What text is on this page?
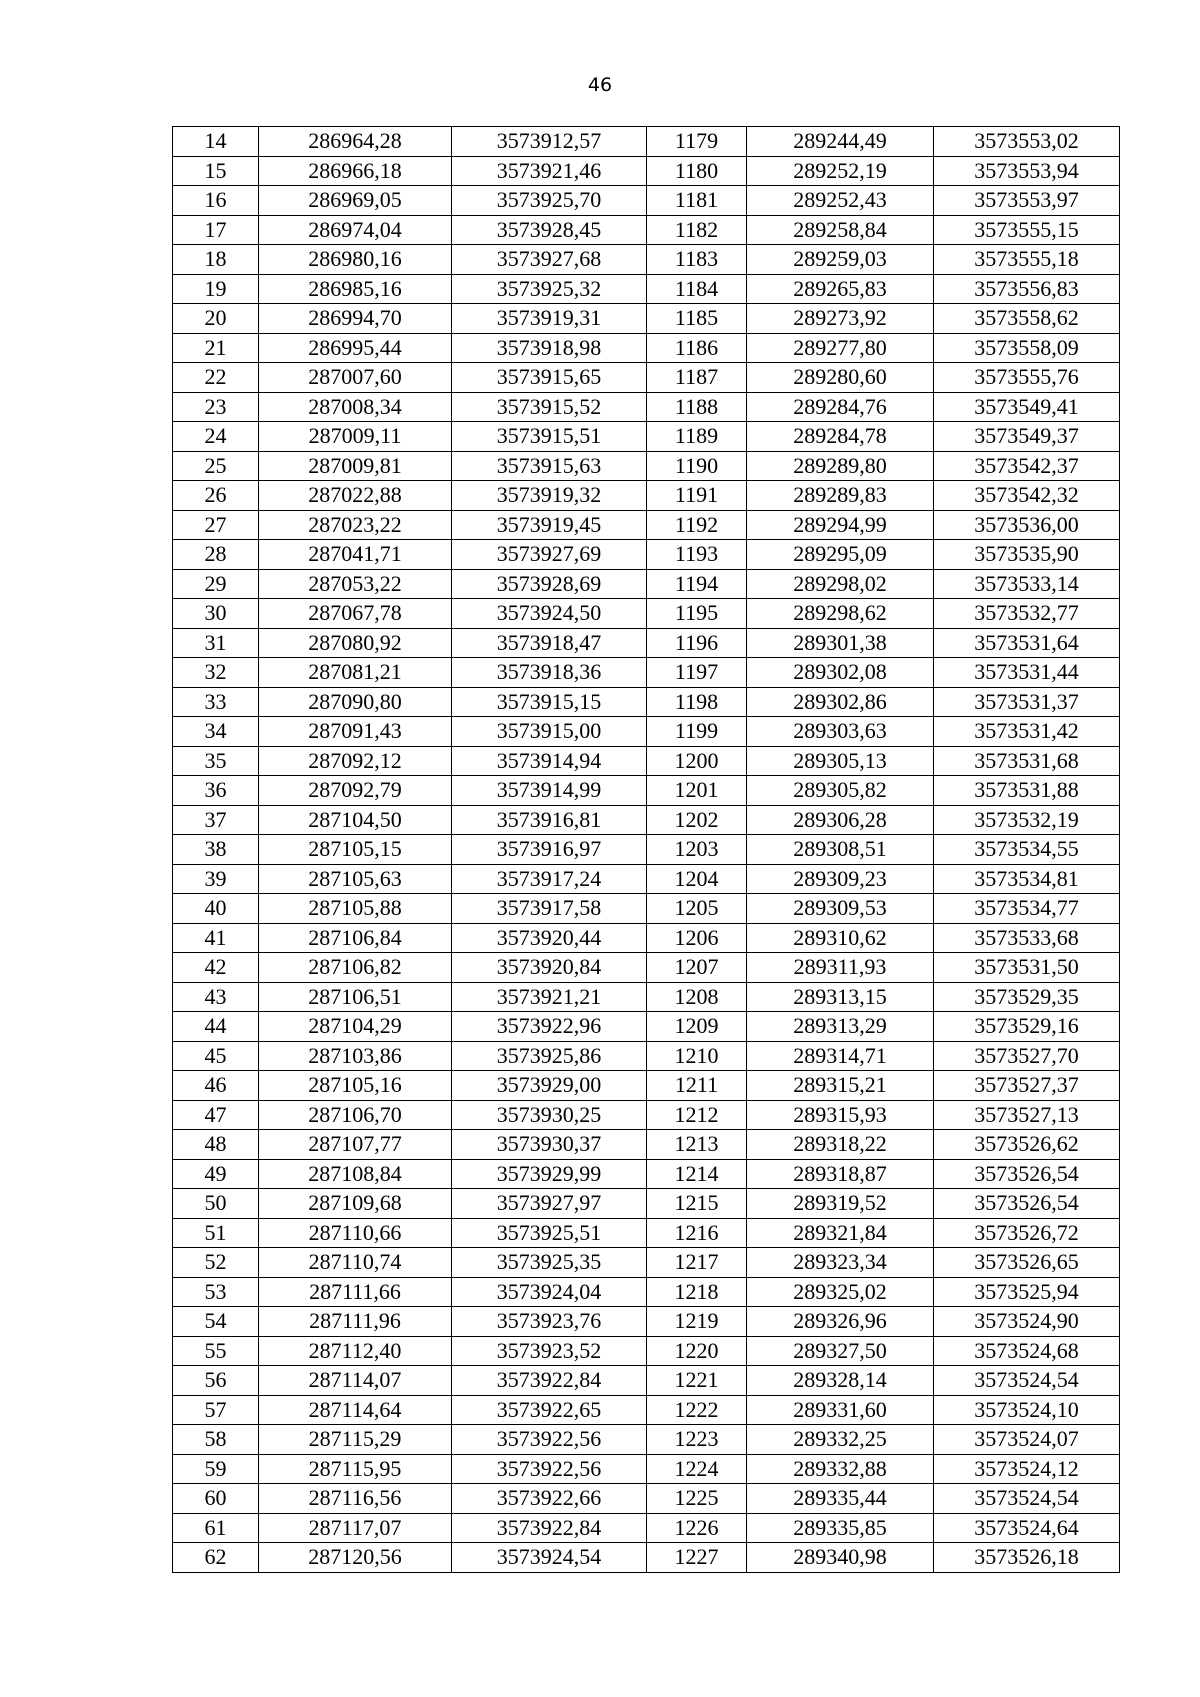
46
14	286964,28	3573912,57	1179	289244,49	3573553,02
15	286966,18	3573921,46	1180	289252,19	3573553,94
16	286969,05	3573925,70	1181	289252,43	3573553,97
17	286974,04	3573928,45	1182	289258,84	3573555,15
18	286980,16	3573927,68	1183	289259,03	3573555,18
19	286985,16	3573925,32	1184	289265,83	3573556,83
20	286994,70	3573919,31	1185	289273,92	3573558,62
21	286995,44	3573918,98	1186	289277,80	3573558,09
22	287007,60	3573915,65	1187	289280,60	3573555,76
23	287008,34	3573915,52	1188	289284,76	3573549,41
24	287009,11	3573915,51	1189	289284,78	3573549,37
25	287009,81	3573915,63	1190	289289,80	3573542,37
26	287022,88	3573919,32	1191	289289,83	3573542,32
27	287023,22	3573919,45	1192	289294,99	3573536,00
28	287041,71	3573927,69	1193	289295,09	3573535,90
29	287053,22	3573928,69	1194	289298,02	3573533,14
30	287067,78	3573924,50	1195	289298,62	3573532,77
31	287080,92	3573918,47	1196	289301,38	3573531,64
32	287081,21	3573918,36	1197	289302,08	3573531,44
33	287090,80	3573915,15	1198	289302,86	3573531,37
34	287091,43	3573915,00	1199	289303,63	3573531,42
35	287092,12	3573914,94	1200	289305,13	3573531,68
36	287092,79	3573914,99	1201	289305,82	3573531,88
37	287104,50	3573916,81	1202	289306,28	3573532,19
38	287105,15	3573916,97	1203	289308,51	3573534,55
39	287105,63	3573917,24	1204	289309,23	3573534,81
40	287105,88	3573917,58	1205	289309,53	3573534,77
41	287106,84	3573920,44	1206	289310,62	3573533,68
42	287106,82	3573920,84	1207	289311,93	3573531,50
43	287106,51	3573921,21	1208	289313,15	3573529,35
44	287104,29	3573922,96	1209	289313,29	3573529,16
45	287103,86	3573925,86	1210	289314,71	3573527,70
46	287105,16	3573929,00	1211	289315,21	3573527,37
47	287106,70	3573930,25	1212	289315,93	3573527,13
48	287107,77	3573930,37	1213	289318,22	3573526,62
49	287108,84	3573929,99	1214	289318,87	3573526,54
50	287109,68	3573927,97	1215	289319,52	3573526,54
51	287110,66	3573925,51	1216	289321,84	3573526,72
52	287110,74	3573925,35	1217	289323,34	3573526,65
53	287111,66	3573924,04	1218	289325,02	3573525,94
54	287111,96	3573923,76	1219	289326,96	3573524,90
55	287112,40	3573923,52	1220	289327,50	3573524,68
56	287114,07	3573922,84	1221	289328,14	3573524,54
57	287114,64	3573922,65	1222	289331,60	3573524,10
58	287115,29	3573922,56	1223	289332,25	3573524,07
59	287115,95	3573922,56	1224	289332,88	3573524,12
60	287116,56	3573922,66	1225	289335,44	3573524,54
61	287117,07	3573922,84	1226	289335,85	3573524,64
62	287120,56	3573924,54	1227	289340,98	3573526,18
